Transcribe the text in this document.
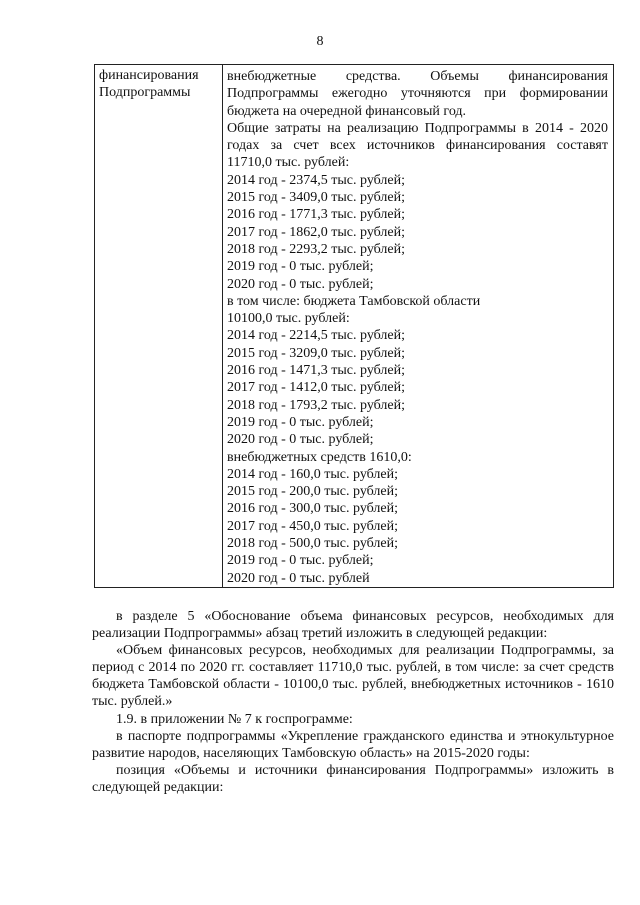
8
финансирования
Подпрограммы
внебюджетные средства. Объемы финансирования Подпрограммы ежегодно уточняются при формировании бюджета на очередной финансовый год.
Общие затраты на реализацию Подпрограммы в 2014 - 2020 годах за счет всех источников финансирования составят 11710,0 тыс. рублей:
2014 год - 2374,5 тыс. рублей;
2015 год - 3409,0 тыс. рублей;
2016 год - 1771,3 тыс. рублей;
2017 год - 1862,0 тыс. рублей;
2018 год - 2293,2 тыс. рублей;
2019 год - 0 тыс. рублей;
2020 год - 0 тыс. рублей;
в том числе: бюджета Тамбовской области
10100,0 тыс. рублей:
2014 год - 2214,5 тыс. рублей;
2015 год - 3209,0 тыс. рублей;
2016 год - 1471,3 тыс. рублей;
2017 год - 1412,0 тыс. рублей;
2018 год - 1793,2 тыс. рублей;
2019 год - 0 тыс. рублей;
2020 год - 0 тыс. рублей;
внебюджетных средств 1610,0:
2014 год - 160,0 тыс. рублей;
2015 год - 200,0 тыс. рублей;
2016 год - 300,0 тыс. рублей;
2017 год - 450,0 тыс. рублей;
2018 год - 500,0 тыс. рублей;
2019 год - 0 тыс. рублей;
2020 год - 0 тыс. рублей

в разделе 5 «Обоснование объема финансовых ресурсов, необходимых для реализации Подпрограммы» абзац третий изложить в следующей редакции:

«Объем финансовых ресурсов, необходимых для реализации Подпрограммы, за период с 2014 по 2020 гг. составляет 11710,0 тыс. рублей, в том числе: за счет средств бюджета Тамбовской области - 10100,0 тыс. рублей, внебюджетных источников - 1610 тыс. рублей.»

1.9. в приложении № 7 к госпрограмме:

в паспорте подпрограммы «Укрепление гражданского единства и этнокультурное развитие народов, населяющих Тамбовскую область» на 2015-2020 годы:

позиция «Объемы и источники финансирования Подпрограммы» изложить в следующей редакции:
